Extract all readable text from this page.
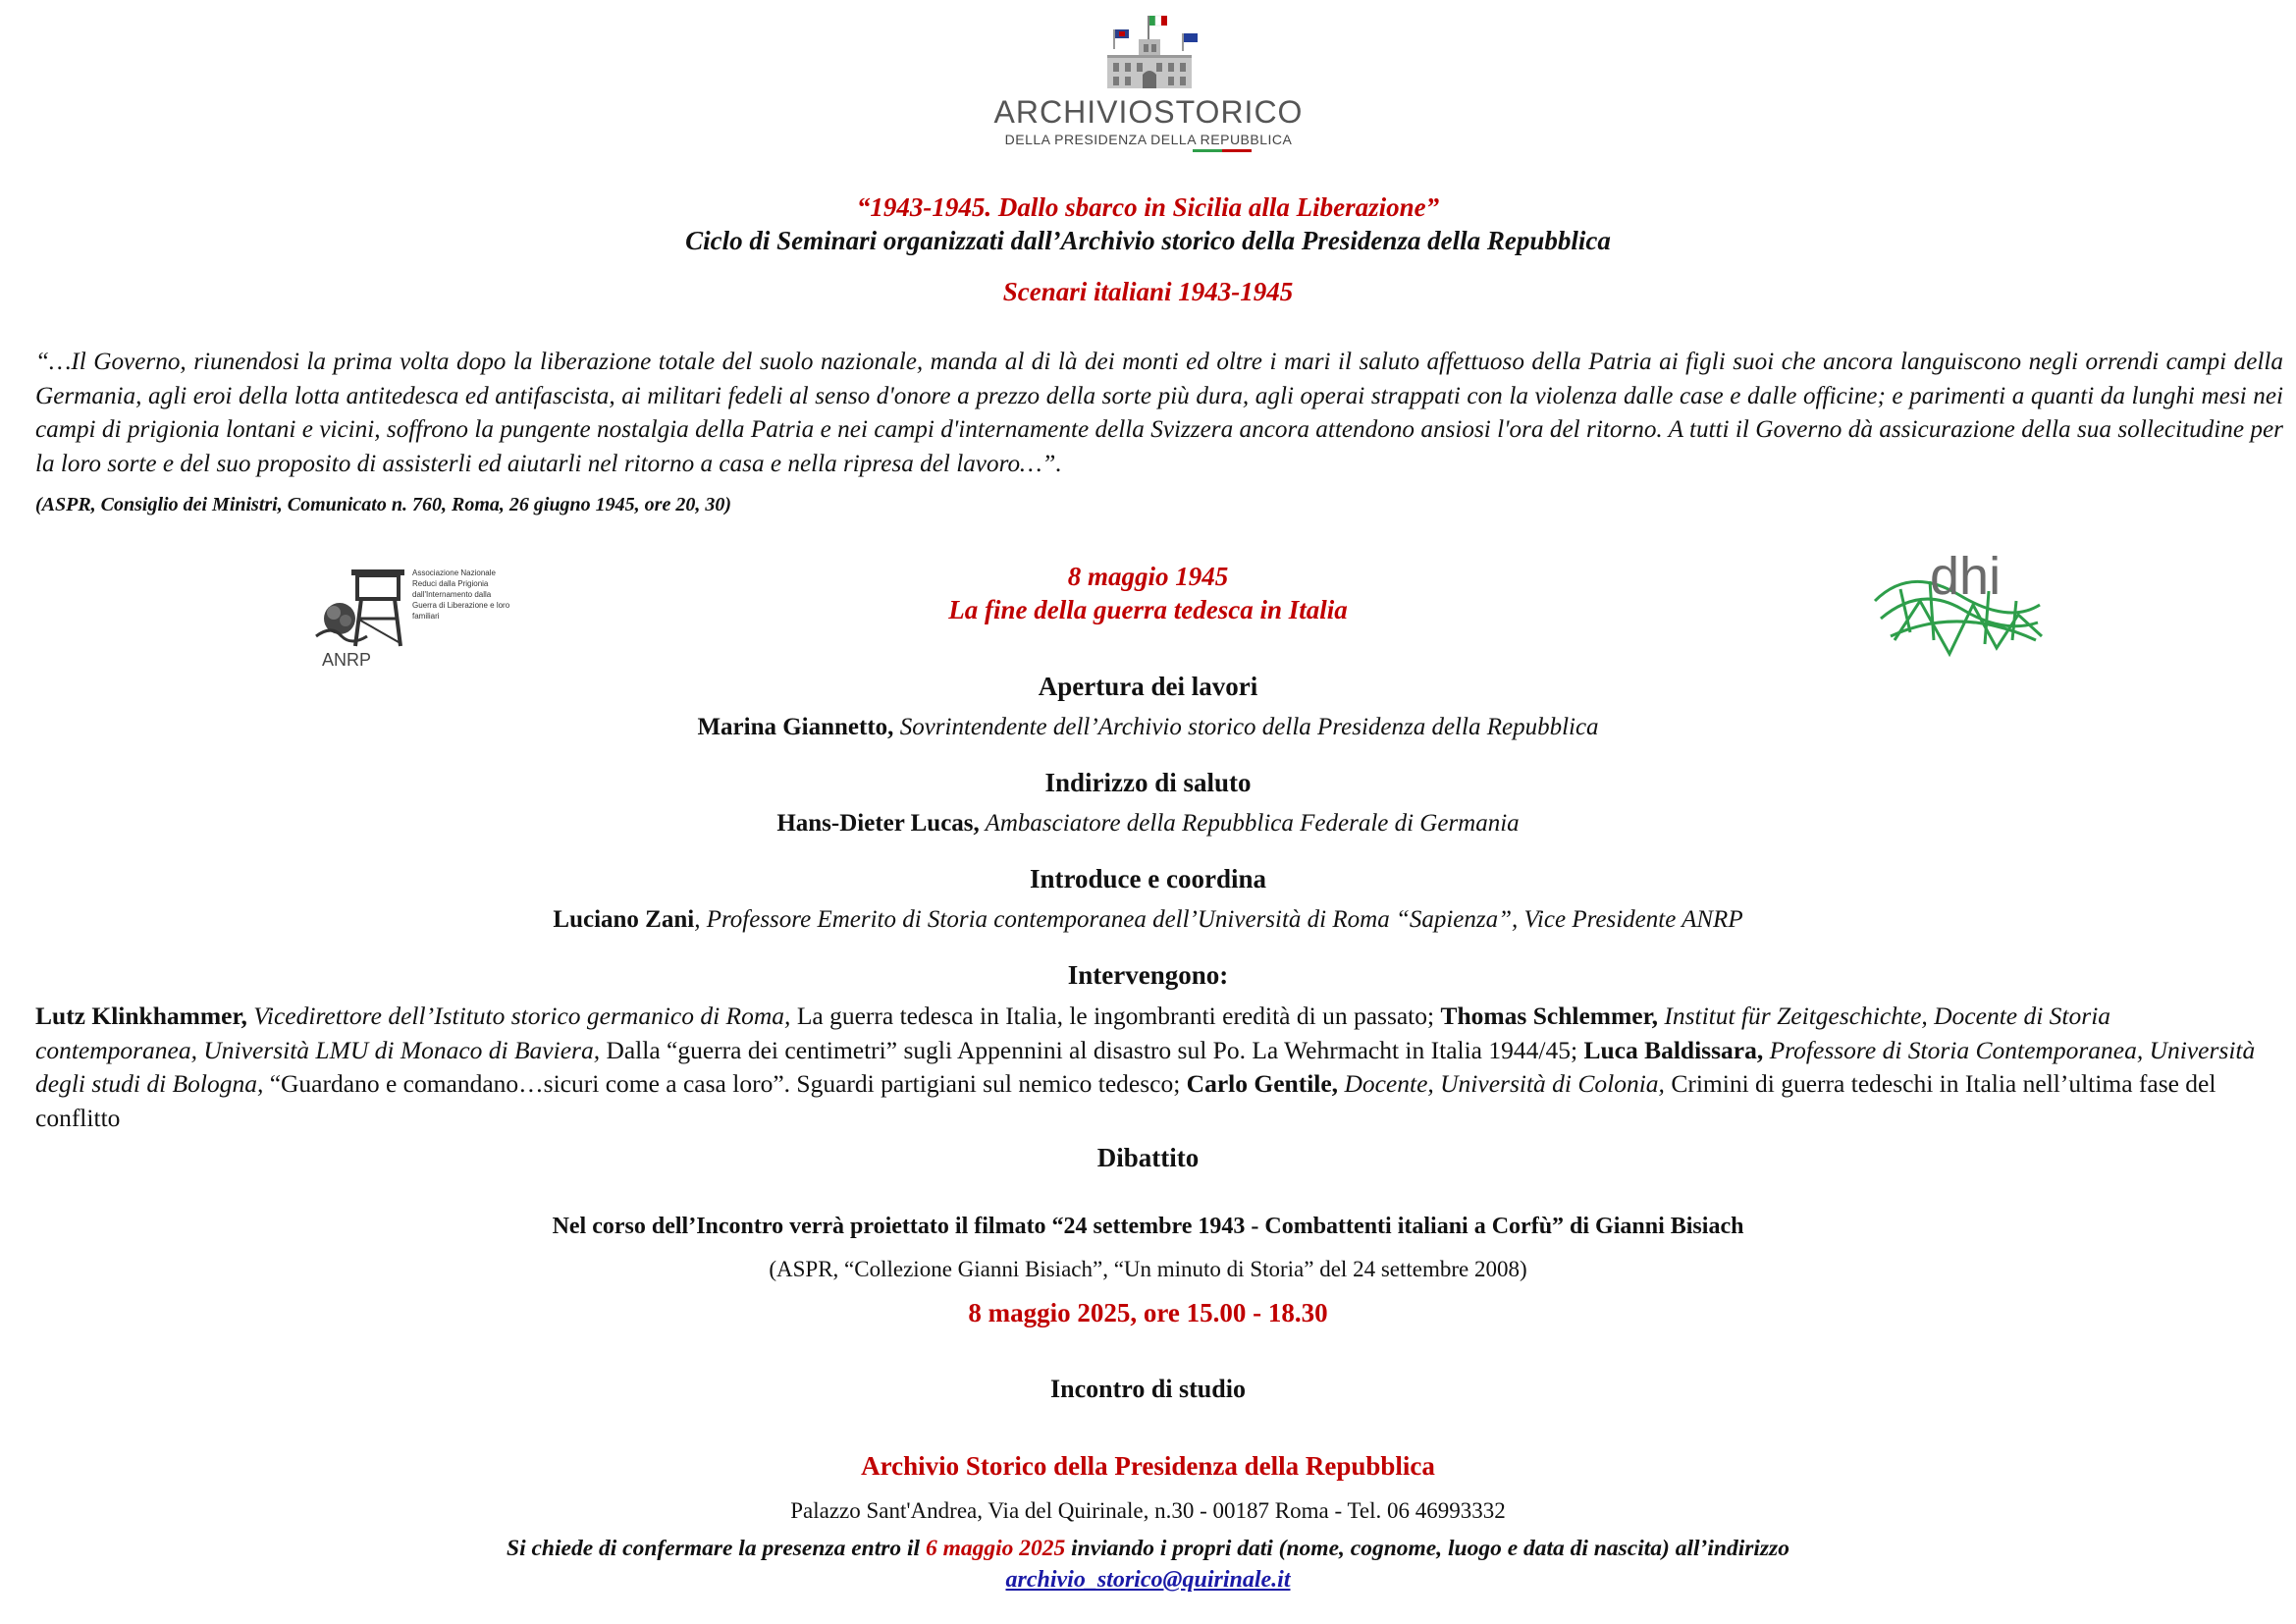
ARCHIVIOSTORICO
DELLA PRESIDENZA DELLA REPUBBLICA
“1943-1945. Dallo sbarco in Sicilia alla Liberazione”
Ciclo di Seminari organizzati dall’Archivio storico della Presidenza della Repubblica
Scenari italiani 1943-1945
“…Il Governo, riunendosi la prima volta dopo la liberazione totale del suolo nazionale, manda al di là dei monti ed oltre i mari il saluto affettuoso della Patria ai figli suoi che ancora languiscono negli orrendi campi della Germania, agli eroi della lotta antitedesca ed antifascista, ai militari fedeli al senso d'onore a prezzo della sorte più dura, agli operai strappati con la violenza dalle case e dalle officine; e parimenti a quanti da lunghi mesi nei campi di prigionia lontani e vicini, soffrono la pungente nostalgia della Patria e nei campi d'internamente della Svizzera ancora attendono ansiosi l'ora del ritorno. A tutti il Governo dà assicurazione della sua sollecitudine per la loro sorte e del suo proposito di assisterli ed aiutarli nel ritorno a casa e nella ripresa del lavoro…”.
(ASPR, Consiglio dei Ministri, Comunicato n. 760, Roma, 26 giugno 1945, ore 20, 30)
Associazione Nazionale Reduci dalla Prigionia dall'Internamento dalla Guerra di Liberazione e loro familiari
ANRP
dhi
8 maggio 1945
La fine della guerra tedesca in Italia
Apertura dei lavori
Marina Giannetto, Sovrintendente dell’Archivio storico della Presidenza della Repubblica
Indirizzo di saluto
Hans-Dieter Lucas, Ambasciatore della Repubblica Federale di Germania
Introduce e coordina
Luciano Zani, Professore Emerito di Storia contemporanea dell’Università di Roma “Sapienza”, Vice Presidente ANRP
Intervengono:
Lutz Klinkhammer, Vicedirettore dell’Istituto storico germanico di Roma, La guerra tedesca in Italia, le ingombranti eredità di un passato; Thomas Schlemmer, Institut für Zeitgeschichte, Docente di Storia contemporanea, Università LMU di Monaco di Baviera, Dalla “guerra dei centimetri” sugli Appennini al disastro sul Po. La Wehrmacht in Italia 1944/45; Luca Baldissara, Professore di Storia Contemporanea, Università degli studi di Bologna, “Guardano e comandano…sicuri come a casa loro”. Sguardi partigiani sul nemico tedesco; Carlo Gentile, Docente, Università di Colonia, Crimini di guerra tedeschi in Italia nell’ultima fase del conflitto
Dibattito
Nel corso dell’Incontro verrà proiettato il filmato “24 settembre 1943 - Combattenti italiani a Corfù” di Gianni Bisiach
(ASPR, “Collezione Gianni Bisiach”, “Un minuto di Storia” del 24 settembre 2008)
8 maggio 2025, ore 15.00 - 18.30
Incontro di studio
Archivio Storico della Presidenza della Repubblica
Palazzo Sant'Andrea, Via del Quirinale, n.30 - 00187 Roma - Tel. 06 46993332
Si chiede di confermare la presenza entro il 6 maggio 2025 inviando i propri dati (nome, cognome, luogo e data di nascita) all’indirizzo
archivio_storico@quirinale.it
